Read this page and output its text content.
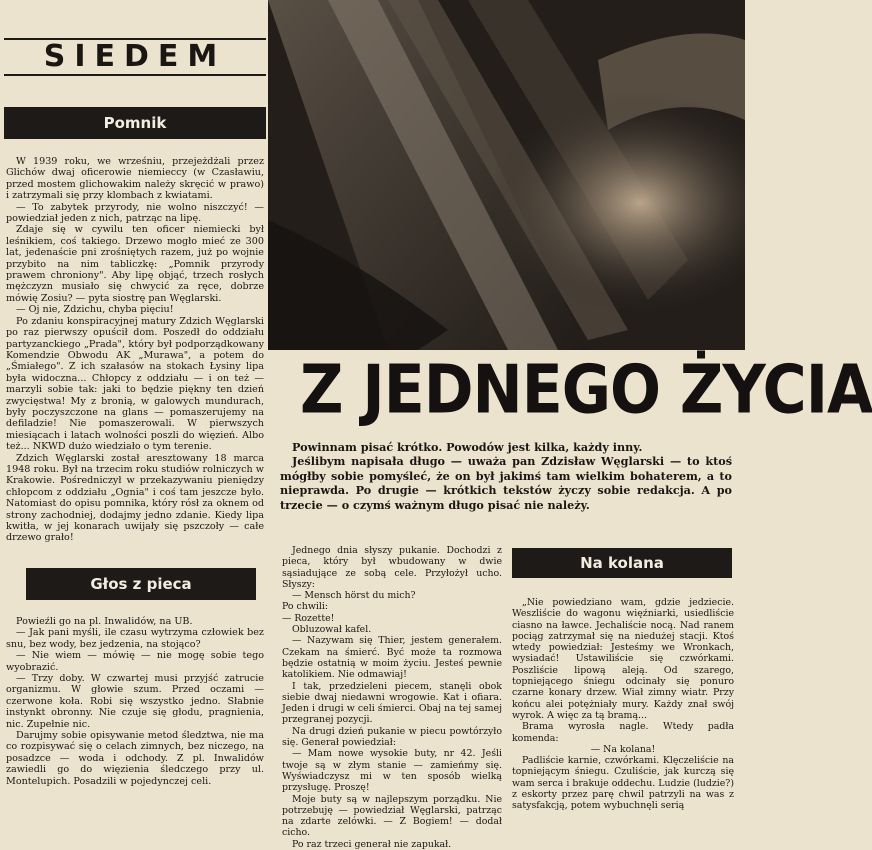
SIEDEM
Pomnik

W 1939 roku, we wrześniu, przejeżdżali przez Glichów dwaj oficerowie niemieccy (w Czasławiu, przed mostem glichowakim należy skręcić w prawo) i zatrzymali się przy klombach z kwiatami.

— To zabytek przyrody, nie wolno niszczyć! — powiedział jeden z nich, patrząc na lipę.

Zdaje się w cywilu ten oficer niemiecki był leśnikiem, coś takiego. Drzewo mogło mieć ze 300 lat, jedenaście pni zrośniętych razem, już po wojnie przybito na nim tabliczkę: „Pomnik przyrody prawem chroniony". Aby lipę objąć, trzech rosłych mężczyzn musiało się chwycić za ręce, dobrze mówię Zosiu? — pyta siostrę pan Węglarski.

— Oj nie, Zdzichu, chyba pięciu!

Po zdaniu konspiracyjnej matury Zdzich Węglarski po raz pierwszy opuścił dom. Poszedł do oddziału partyzanckiego „Prada", który był podporządkowany Komendzie Obwodu AK „Murawa", a potem do „Śmiałego". Z ich szałasów na stokach Łysiny lipa była widoczna... Chłopcy z oddziału — i on też — marzyli sobie tak: jaki to będzie piękny ten dzień zwycięstwa! My z bronią, w galowych mundurach, były poczyszczone na glans — pomaszerujemy na defiladzie! Nie pomaszerowali. W pierwszych miesiącach i latach wolności poszli do więzień. Albo też... NKWD dużo wiedziało o tym terenie.

Zdzich Węglarski został aresztowany 18 marca 1948 roku. Był na trzecim roku studiów rolniczych w Krakowie. Pośredniczył w przekazywaniu pieniędzy chłopcom z oddziału „Ognia" i coś tam jeszcze było. Natomiast do opisu pomnika, który rósł za oknem od strony zachodniej, dodajmy jedno zdanie. Kiedy lipa kwitła, w jej konarach uwijały się pszczoły — całe drzewo grało!

Głos z pieca

Powieźli go na pl. Inwalidów, na UB.

— Jak pani myśli, ile czasu wytrzyma człowiek bez snu, bez wody, bez jedzenia, na stojąco?

— Nie wiem — mówię — nie mogę sobie tego wyobrazić.

— Trzy doby. W czwartej musi przyjść zatrucie organizmu. W głowie szum. Przed oczami — czerwone koła. Robi się wszystko jedno. Słabnie instynkt obronny. Nie czuje się głodu, pragnienia, nic. Zupełnie nic.

Darujmy sobie opisywanie metod śledztwa, nie ma co rozpisywać się o celach zimnych, bez niczego, na posadzce — woda i odchody. Z pl. Inwalidów zawiedli go do więzienia śledczego przy ul. Montelupich. Posadzili w pojedynczej celi.

Z JEDNEGO ŻYCIA

Powinnam pisać krótko. Powodów jest kilka, każdy inny.

Jeślibym napisała długo — uważa pan Zdzisław Węglarski — to ktoś mógłby sobie pomyśleć, że on był jakimś tam wielkim bohaterem, a to nieprawda. Po drugie — krótkich tekstów życzy sobie redakcja. A po trzecie — o czymś ważnym długo pisać nie należy.

Jednego dnia słyszy pukanie. Dochodzi z pieca, który był wbudowany w dwie sąsiadujące ze sobą cele. Przyłożył ucho. Słyszy:

— Mensch hörst du mich?

Po chwili:

— Rozette!

Obluzował kafel.

— Nazywam się Thier, jestem generałem. Czekam na śmierć. Być może ta rozmowa będzie ostatnią w moim życiu. Jesteś pewnie katolikiem. Nie odmawiaj!

I tak, przedzieleni piecem, stanęli obok siebie dwaj niedawni wrogowie. Kat i ofiara. Jeden i drugi w celi śmierci. Obaj na tej samej przegranej pozycji.

Na drugi dzień pukanie w piecu powtórzyło się. Generał powiedział:

— Mam nowe wysokie buty, nr 42. Jeśli twoje są w złym stanie — zamieńmy się. Wyświadczysz mi w ten sposób wielką przysługę. Proszę!

Moje buty są w najlepszym porządku. Nie potrzebuję — powiedział Węglarski, patrząc na zdarte zelówki. — Z Bogiem! — dodał cicho.

Po raz trzeci generał nie zapukał.

Na kolana

„Nie powiedziano wam, gdzie jedziecie. Weszliście do wagonu więźniarki, usiedliście ciasno na ławce. Jechaliście nocą. Nad ranem pociąg zatrzymał się na niedużej stacji. Ktoś wtedy powiedział: Jesteśmy we Wronkach, wysiadać! Ustawiliście się czwórkami. Poszliście lipową aleją. Od szarego, topniejącego śniegu odcinały się ponuro czarne konary drzew. Wiał zimny wiatr. Przy końcu alei potężniały mury. Każdy znał swój wyrok. A więc za tą bramą...

Brama wyrosła nagle. Wtedy padła komenda:

— Na kolana!

Padliście karnie, czwórkami. Klęczeliście na topniejącym śniegu. Czuliście, jak kurczą się wam serca i brakuje oddechu. Ludzie (ludzie?) z eskorty przez parę chwil patrzyli na was z satysfakcją, potem wybuchnęli serią
